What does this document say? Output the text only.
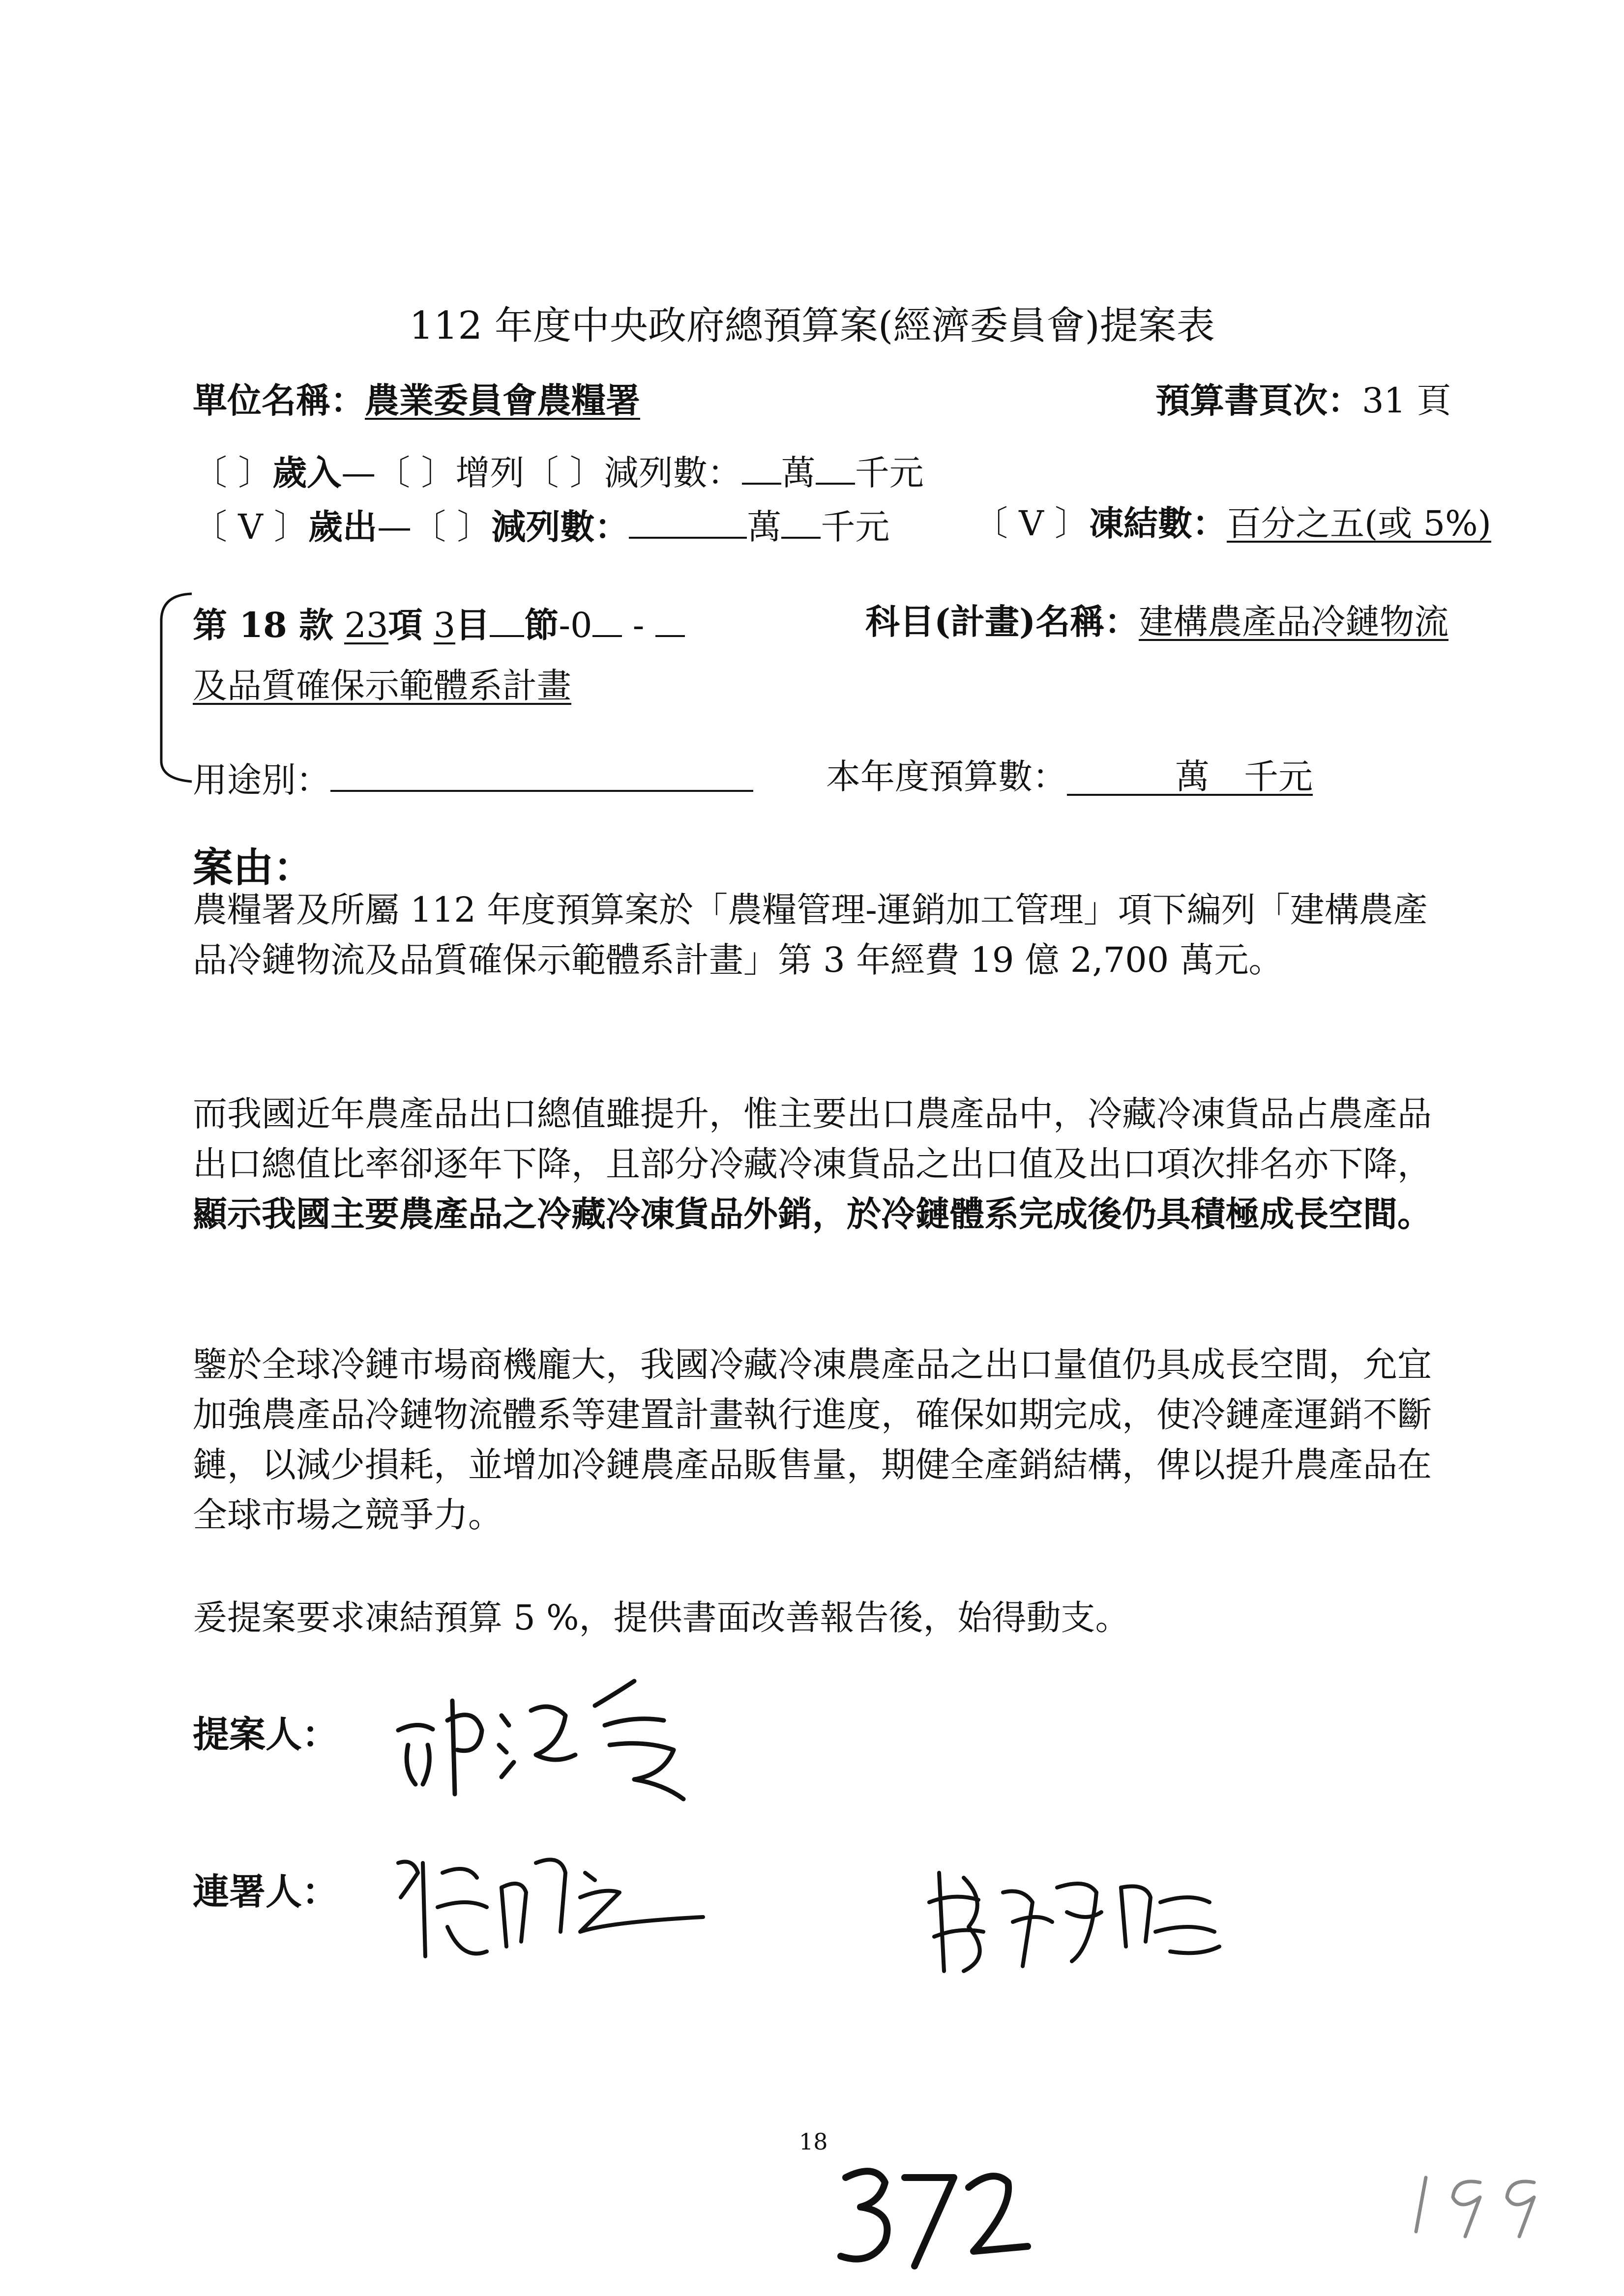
112 年度中央政府總預算案(經濟委員會)提案表
單位名稱：農業委員會農糧署	預算書頁次：31 頁
〔 〕歲入—〔 〕增列〔 〕減列數： 萬 千元
〔 V 〕歲出—〔 〕減列數：	萬 千元 〔 V 〕凍結數：百分之五(或 5%)
第 18 款 23項 3目 節-0 -	科目(計畫)名稱：建構農產品冷鏈物流
及品質確保示範體系計畫
用途別：	本年度預算數：	萬 千元
案由：
農糧署及所屬 112 年度預算案於「農糧管理-運銷加工管理」項下編列「建構農產品冷鏈物流及品質確保示範體系計畫」第 3 年經費 19 億 2,700 萬元。
而我國近年農產品出口總值雖提升，惟主要出口農產品中，冷藏冷凍貨品占農產品出口總值比率卻逐年下降，且部分冷藏冷凍貨品之出口值及出口項次排名亦下降，顯示我國主要農產品之冷藏冷凍貨品外銷，於冷鏈體系完成後仍具積極成長空間。
鑒於全球冷鏈市場商機龐大，我國冷藏冷凍農產品之出口量值仍具成長空間，允宜加強農產品冷鏈物流體系等建置計畫執行進度，確保如期完成，使冷鏈產運銷不斷鏈，以減少損耗，並增加冷鏈農產品販售量，期健全產銷結構，俾以提升農產品在全球市場之競爭力。
爰提案要求凍結預算 5 %，提供書面改善報告後，始得動支。
提案人：
連署人：
18
